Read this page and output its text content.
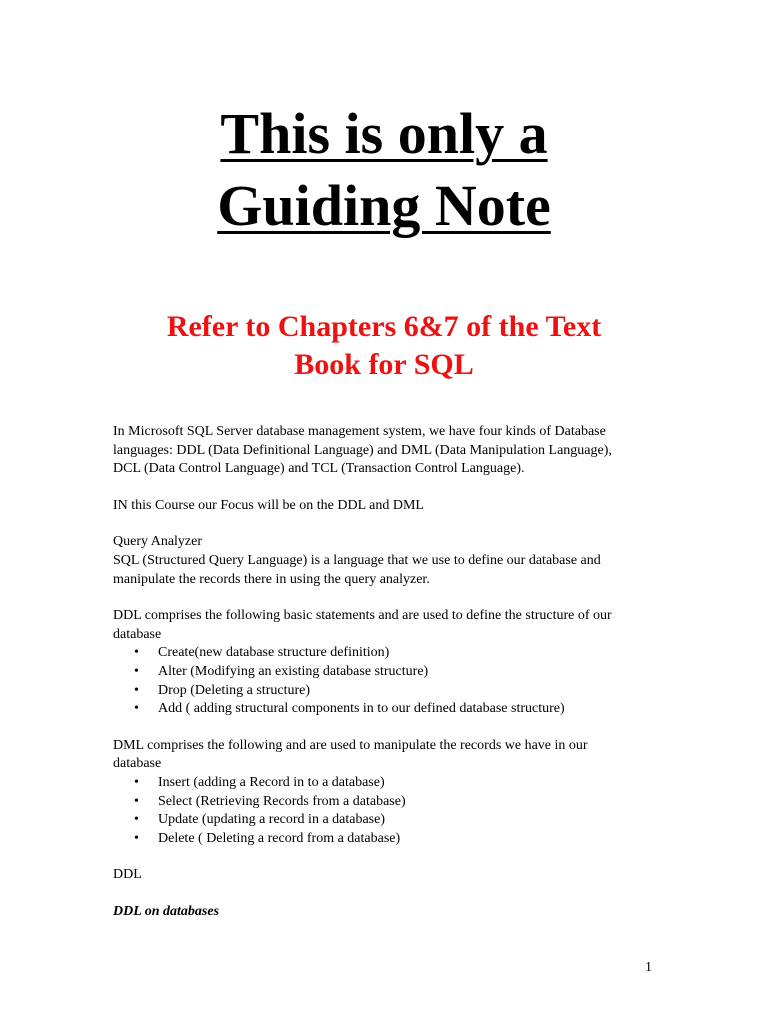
This is only a
Guiding Note
Refer to Chapters 6&7 of the Text
Book for SQL

In Microsoft SQL Server database management system, we have four kinds of Database
languages: DDL (Data Definitional Language) and DML (Data Manipulation Language),
DCL (Data Control Language) and TCL (Transaction Control Language).

IN this Course our Focus will be on the DDL and DML

Query Analyzer

SQL (Structured Query Language) is a language that we use to define our database and
manipulate the records there in using the query analyzer.

DDL comprises the following basic statements and are used to define the structure of our
database

• Create(new database structure definition)
• Alter (Modifying an existing database structure)
• Drop (Deleting a structure)
• Add ( adding structural components in to our defined database structure)

DML comprises the following and are used to manipulate the records we have in our
database

• Insert (adding a Record in to a database)
• Select (Retrieving Records from a database)
• Update (updating a record in a database)
• Delete ( Deleting a record from a database)

DDL

DDL on databases

1
